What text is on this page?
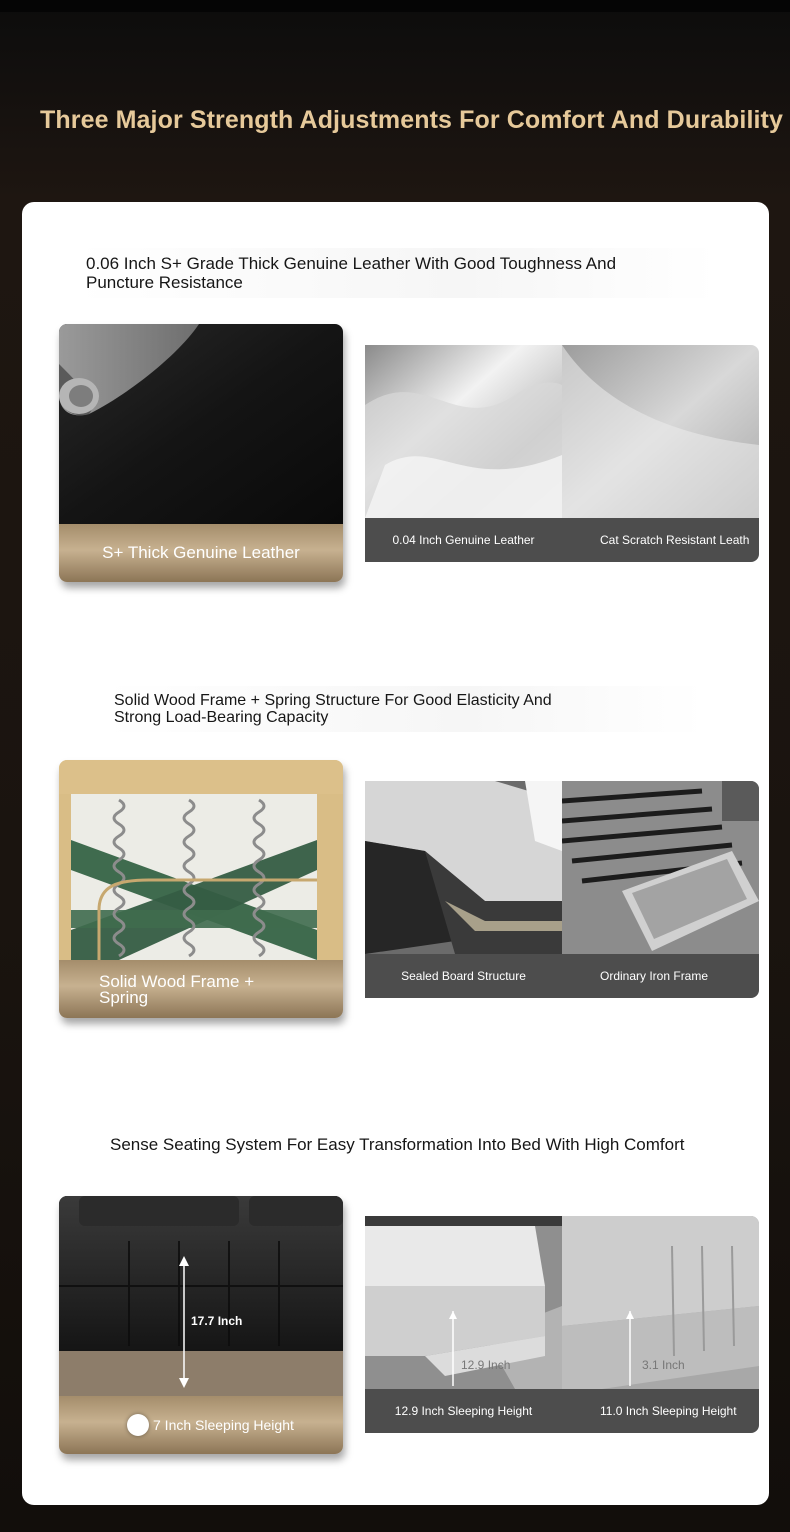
Three Major Strength Adjustments For Comfort And Durability
0.06 Inch S+ Grade Thick Genuine Leather With Good Toughness And
Puncture Resistance
S+ Thick Genuine Leather
0.04 Inch Genuine Leather	Cat Scratch Resistant Leath
Solid Wood Frame + Spring Structure For Good Elasticity And
Strong Load-Bearing Capacity
Solid Wood Frame +
Spring
Sealed Board Structure	Ordinary Iron Frame
Sense Seating System For Easy Transformation Into Bed With High Comfort
17.7 Inch
7 Inch Sleeping Height
12.9 Inch
12.9 Inch Sleeping Height
3.1 Inch
11.0 Inch Sleeping Height
